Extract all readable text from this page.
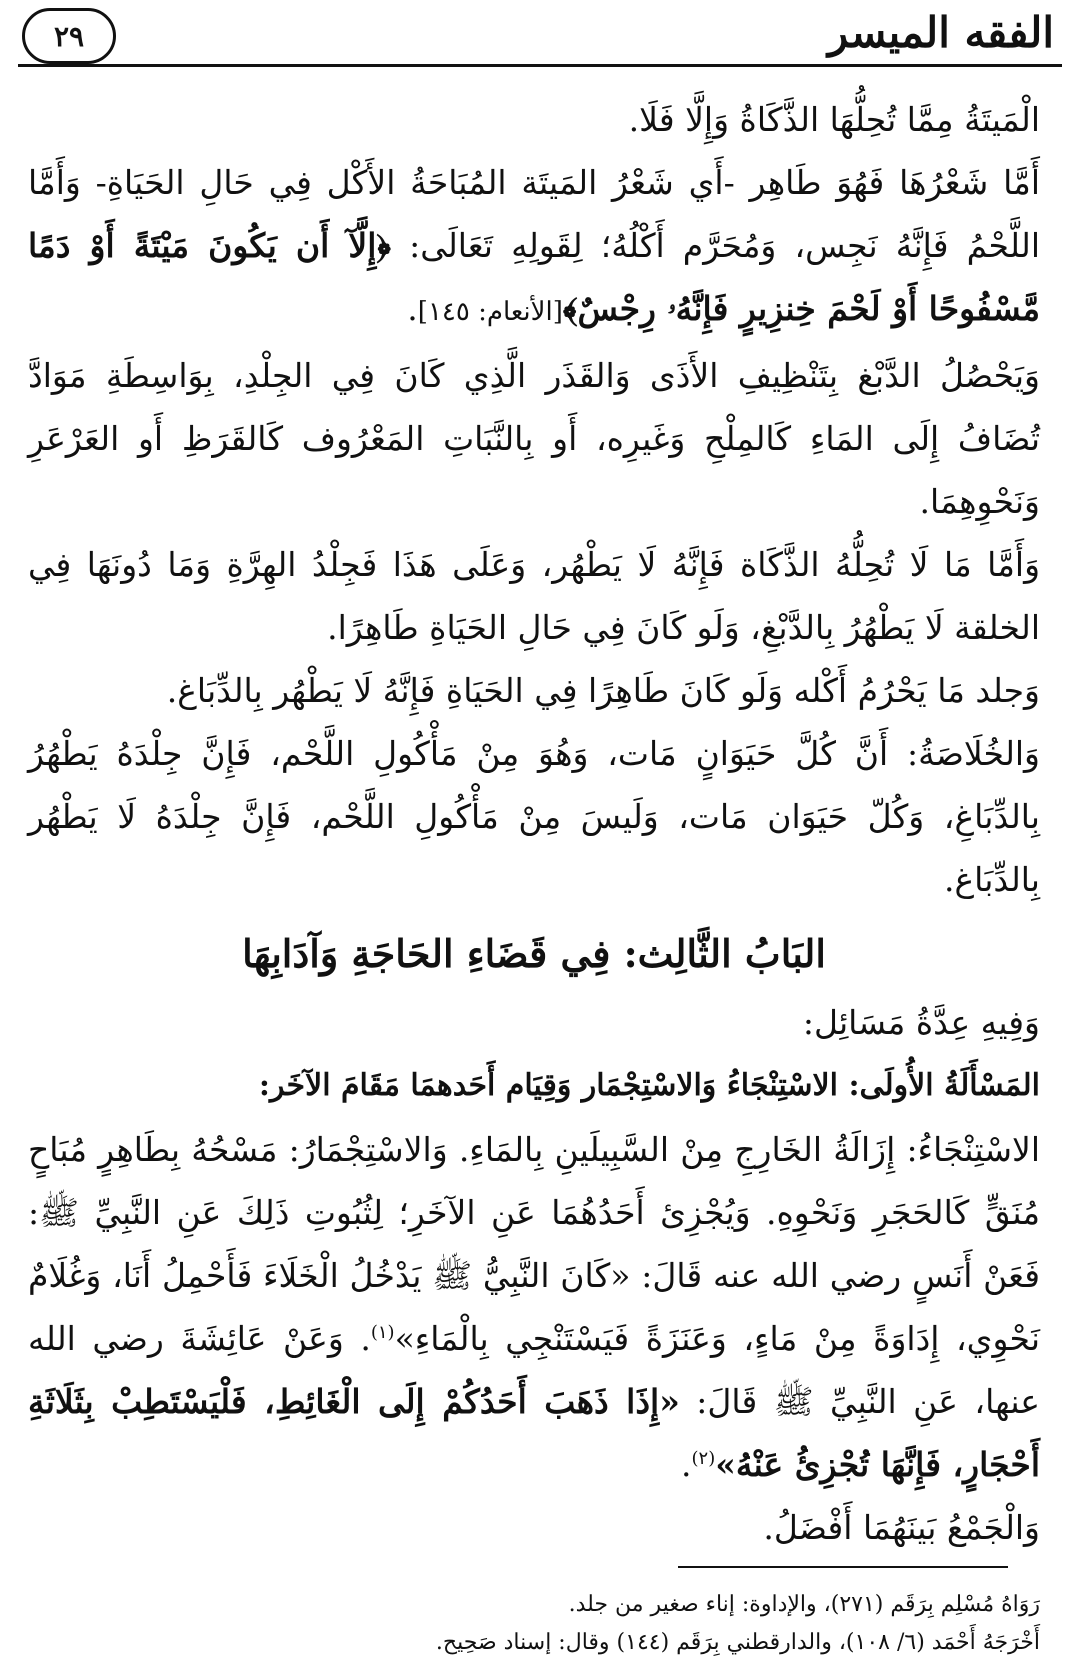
الفقه الميسر
٢٩

الْمَيتَةُ مِمَّا تُحِلُّهَا الذَّكَاةُ وَإِلَّا فَلَا.

أَمَّا شَعْرُهَا فَهُوَ طَاهِر -أَي شَعْرُ المَيتَة المُبَاحَةُ الأَكْل فِي حَالِ الحَيَاةِ- وَأَمَّا اللَّحْمُ فَإِنَّهُ نَجِس، وَمُحَرَّم أَكْلُهُ؛ لِقَولِهِ تَعَالَى: ﴿إِلَّآ أَن يَكُونَ مَيْتَةً أَوْ دَمًا مَّسْفُوحًا أَوْ لَحْمَ خِنزِيرٍ فَإِنَّهُۥ رِجْسٌ﴾[الأنعام: ١٤٥].

وَيَحْصُلُ الدَّبْغ بِتَنْظِيفِ الأَذَى وَالقَذَر الَّذِي كَانَ فِي الجِلْدِ، بِوَاسِطَةِ مَوَادَّ تُضَافُ إِلَى المَاءِ كَالمِلْحِ وَغَيرِه، أَو بِالنَّبَاتِ المَعْرُوف كَالقَرَظِ أَو العَرْعَرِ وَنَحْوِهِمَا.

وَأَمَّا مَا لَا تُحِلُّهُ الذَّكَاة فَإِنَّهُ لَا يَطْهُر، وَعَلَى هَذَا فَجِلْدُ الهِرَّةِ وَمَا دُونَهَا فِي الخلقة لَا يَطْهُرُ بِالدَّبْغِ، وَلَو كَانَ فِي حَالِ الحَيَاةِ طَاهِرًا.

وَجلد مَا يَحْرُمُ أَكْله وَلَو كَانَ طَاهِرًا فِي الحَيَاةِ فَإِنَّهُ لَا يَطْهُر بِالدِّبَاغ.

وَالخُلَاصَةُ: أَنَّ كُلَّ حَيَوَانٍ مَات، وَهُوَ مِنْ مَأْكُولِ اللَّحْم، فَإِنَّ جِلْدَهُ يَطْهُرُ بِالدِّبَاغِ، وَكُلّ حَيَوَان مَات، وَلَيسَ مِنْ مَأْكُولِ اللَّحْم، فَإِنَّ جِلْدَهُ لَا يَطْهُر بِالدِّبَاغ.

البَابُ الثَّالِث: فِي قَضَاءِ الحَاجَةِ وَآدَابِهَا

وَفِيهِ عِدَّةُ مَسَائِل:

المَسْأَلَةُ الأُولَى: الاسْتِنْجَاءُ وَالاسْتِجْمَار وَقِيَام أَحَدهمَا مَقَامَ الآخَر:

الاسْتِنْجَاءُ: إِزَالَةُ الخَارِجِ مِنْ السَّبِيلَينِ بِالمَاءِ. وَالاسْتِجْمَارُ: مَسْحُهُ بِطَاهِرٍ مُبَاحٍ مُنَقٍّ كَالحَجَرِ وَنَحْوِهِ. وَيُجْزِئ أَحَدُهُمَا عَنِ الآخَرِ؛ لِثُبُوتِ ذَلِكَ عَنِ النَّبِيِّ ﷺ: فَعَنْ أَنَسٍ رضي الله عنه قَالَ: «كَانَ النَّبِيُّ ﷺ يَدْخُلُ الْخَلَاءَ فَأَحْمِلُ أَنَا، وَغُلَامٌ نَحْوِي، إِدَاوَةً مِنْ مَاءٍ، وَعَنَزَةً فَيَسْتَنْجِي بِالْمَاءِ»$^{(١)}$. وَعَنْ عَائِشَةَ رضي الله عنها، عَنِ النَّبِيِّ ﷺ قَالَ: «إِذَا ذَهَبَ أَحَدُكُمْ إِلَى الْغَائِطِ، فَلْيَسْتَطِبْ بِثَلَاثَةِ أَحْجَارٍ، فَإِنَّهَا تُجْزِئُ عَنْهُ»$^{(٢)}$.

وَالْجَمْعُ بَينَهُمَا أَفْضَلُ.

رَوَاهُ مُسْلِم بِرَقَم (٢٧١)، والإداوة: إناء صغير من جلد.

أَخْرَجَهُ أَحْمَد (٦/ ١٠٨)، والدارقطني بِرَقَم (١٤٤) وقال: إسناد صَحِيح.
